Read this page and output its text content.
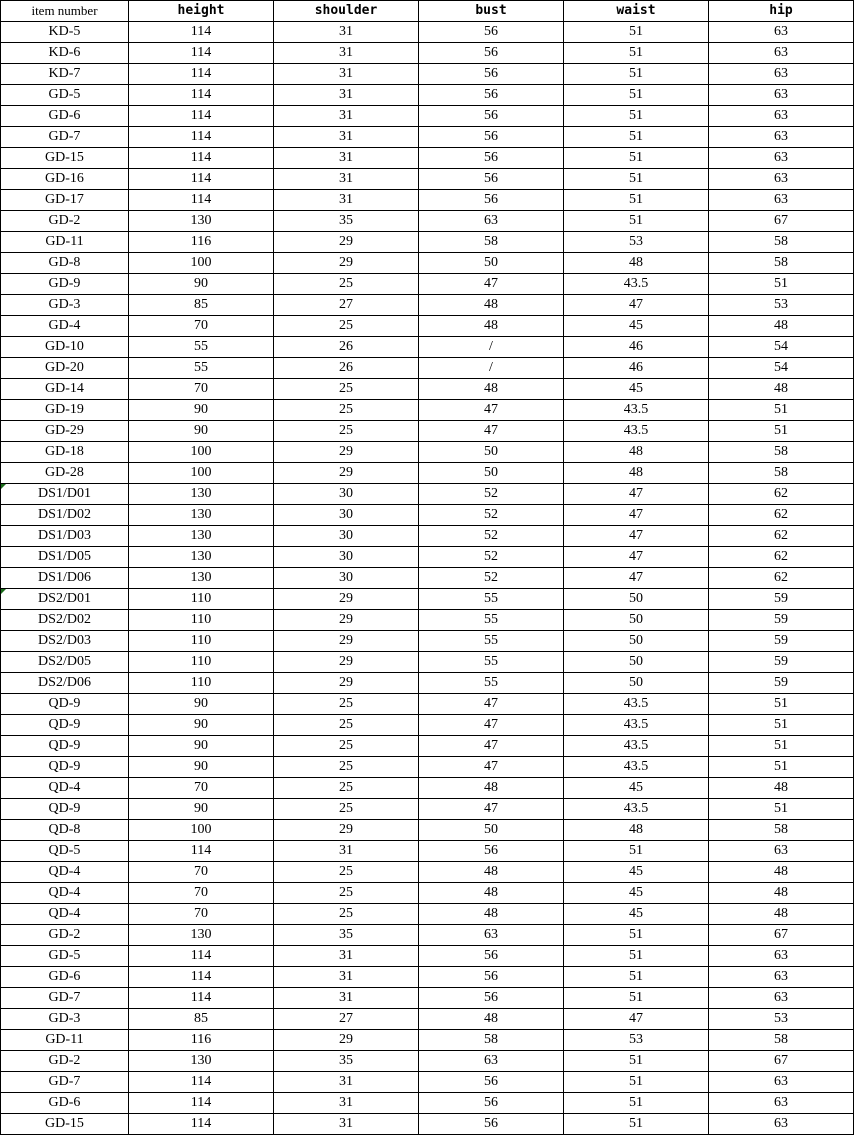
item number	height	shoulder	bust	waist	hip
KD-5	114	31	56	51	63
KD-6	114	31	56	51	63
KD-7	114	31	56	51	63
GD-5	114	31	56	51	63
GD-6	114	31	56	51	63
GD-7	114	31	56	51	63
GD-15	114	31	56	51	63
GD-16	114	31	56	51	63
GD-17	114	31	56	51	63
GD-2	130	35	63	51	67
GD-11	116	29	58	53	58
GD-8	100	29	50	48	58
GD-9	90	25	47	43.5	51
GD-3	85	27	48	47	53
GD-4	70	25	48	45	48
GD-10	55	26	/	46	54
GD-20	55	26	/	46	54
GD-14	70	25	48	45	48
GD-19	90	25	47	43.5	51
GD-29	90	25	47	43.5	51
GD-18	100	29	50	48	58
GD-28	100	29	50	48	58
DS1/D01	130	30	52	47	62
DS1/D02	130	30	52	47	62
DS1/D03	130	30	52	47	62
DS1/D05	130	30	52	47	62
DS1/D06	130	30	52	47	62
DS2/D01	110	29	55	50	59
DS2/D02	110	29	55	50	59
DS2/D03	110	29	55	50	59
DS2/D05	110	29	55	50	59
DS2/D06	110	29	55	50	59
QD-9	90	25	47	43.5	51
QD-9	90	25	47	43.5	51
QD-9	90	25	47	43.5	51
QD-9	90	25	47	43.5	51
QD-4	70	25	48	45	48
QD-9	90	25	47	43.5	51
QD-8	100	29	50	48	58
QD-5	114	31	56	51	63
QD-4	70	25	48	45	48
QD-4	70	25	48	45	48
QD-4	70	25	48	45	48
GD-2	130	35	63	51	67
GD-5	114	31	56	51	63
GD-6	114	31	56	51	63
GD-7	114	31	56	51	63
GD-3	85	27	48	47	53
GD-11	116	29	58	53	58
GD-2	130	35	63	51	67
GD-7	114	31	56	51	63
GD-6	114	31	56	51	63
GD-15	114	31	56	51	63
